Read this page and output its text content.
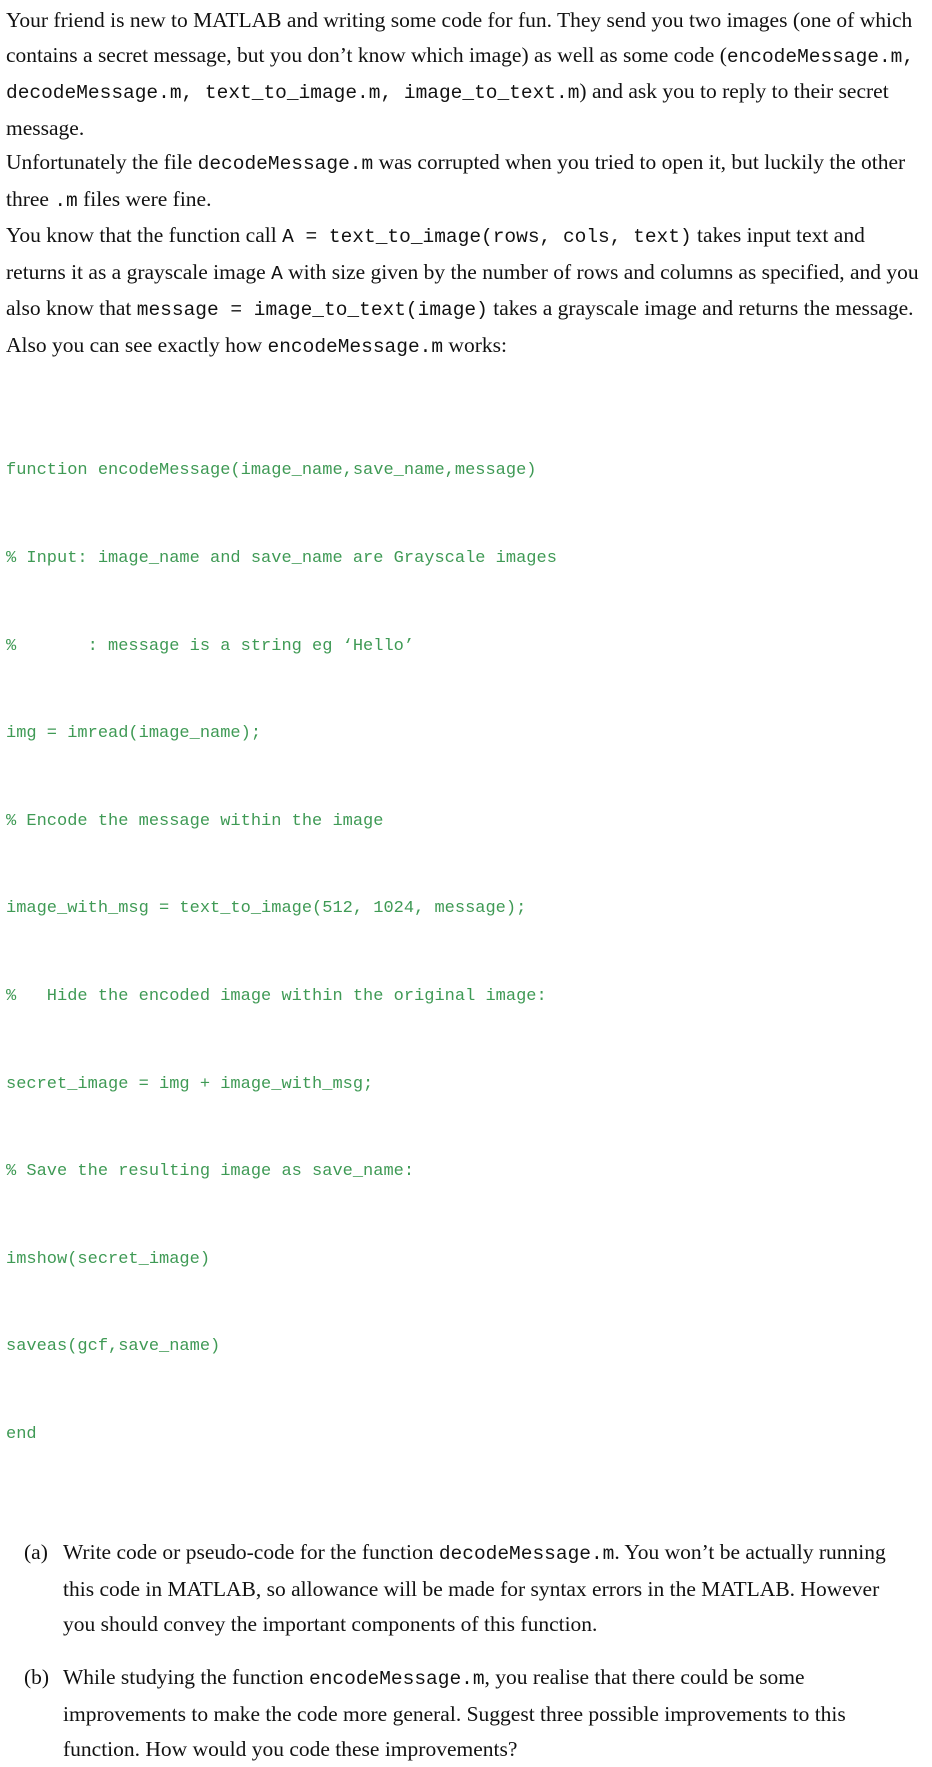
Your friend is new to MATLAB and writing some code for fun. They send you two images (one of which contains a secret message, but you don’t know which image) as well as some code (encodeMessage.m, decodeMessage.m, text_to_image.m, image_to_text.m) and ask you to reply to their secret message.

Unfortunately the file decodeMessage.m was corrupted when you tried to open it, but luckily the other three .m files were fine.

You know that the function call A = text_to_image(rows, cols, text) takes input text and returns it as a grayscale image A with size given by the number of rows and columns as specified, and you also know that message = image_to_text(image) takes a grayscale image and returns the message.

Also you can see exactly how encodeMessage.m works:

function encodeMessage(image_name,save_name,message)

% Input: image_name and save_name are Grayscale images

%       : message is a string eg ‘Hello’

img = imread(image_name);

% Encode the message within the image

image_with_msg = text_to_image(512, 1024, message);

%   Hide the encoded image within the original image:

secret_image = img + image_with_msg;

% Save the resulting image as save_name:

imshow(secret_image)

saveas(gcf,save_name)

end

(a) Write code or pseudo-code for the function decodeMessage.m. You won’t be actually running this code in MATLAB, so allowance will be made for syntax errors in the MATLAB. However you should convey the important components of this function.
(b) While studying the function encodeMessage.m, you realise that there could be some improvements to make the code more general. Suggest three possible improvements to this function. How would you code these improvements?
